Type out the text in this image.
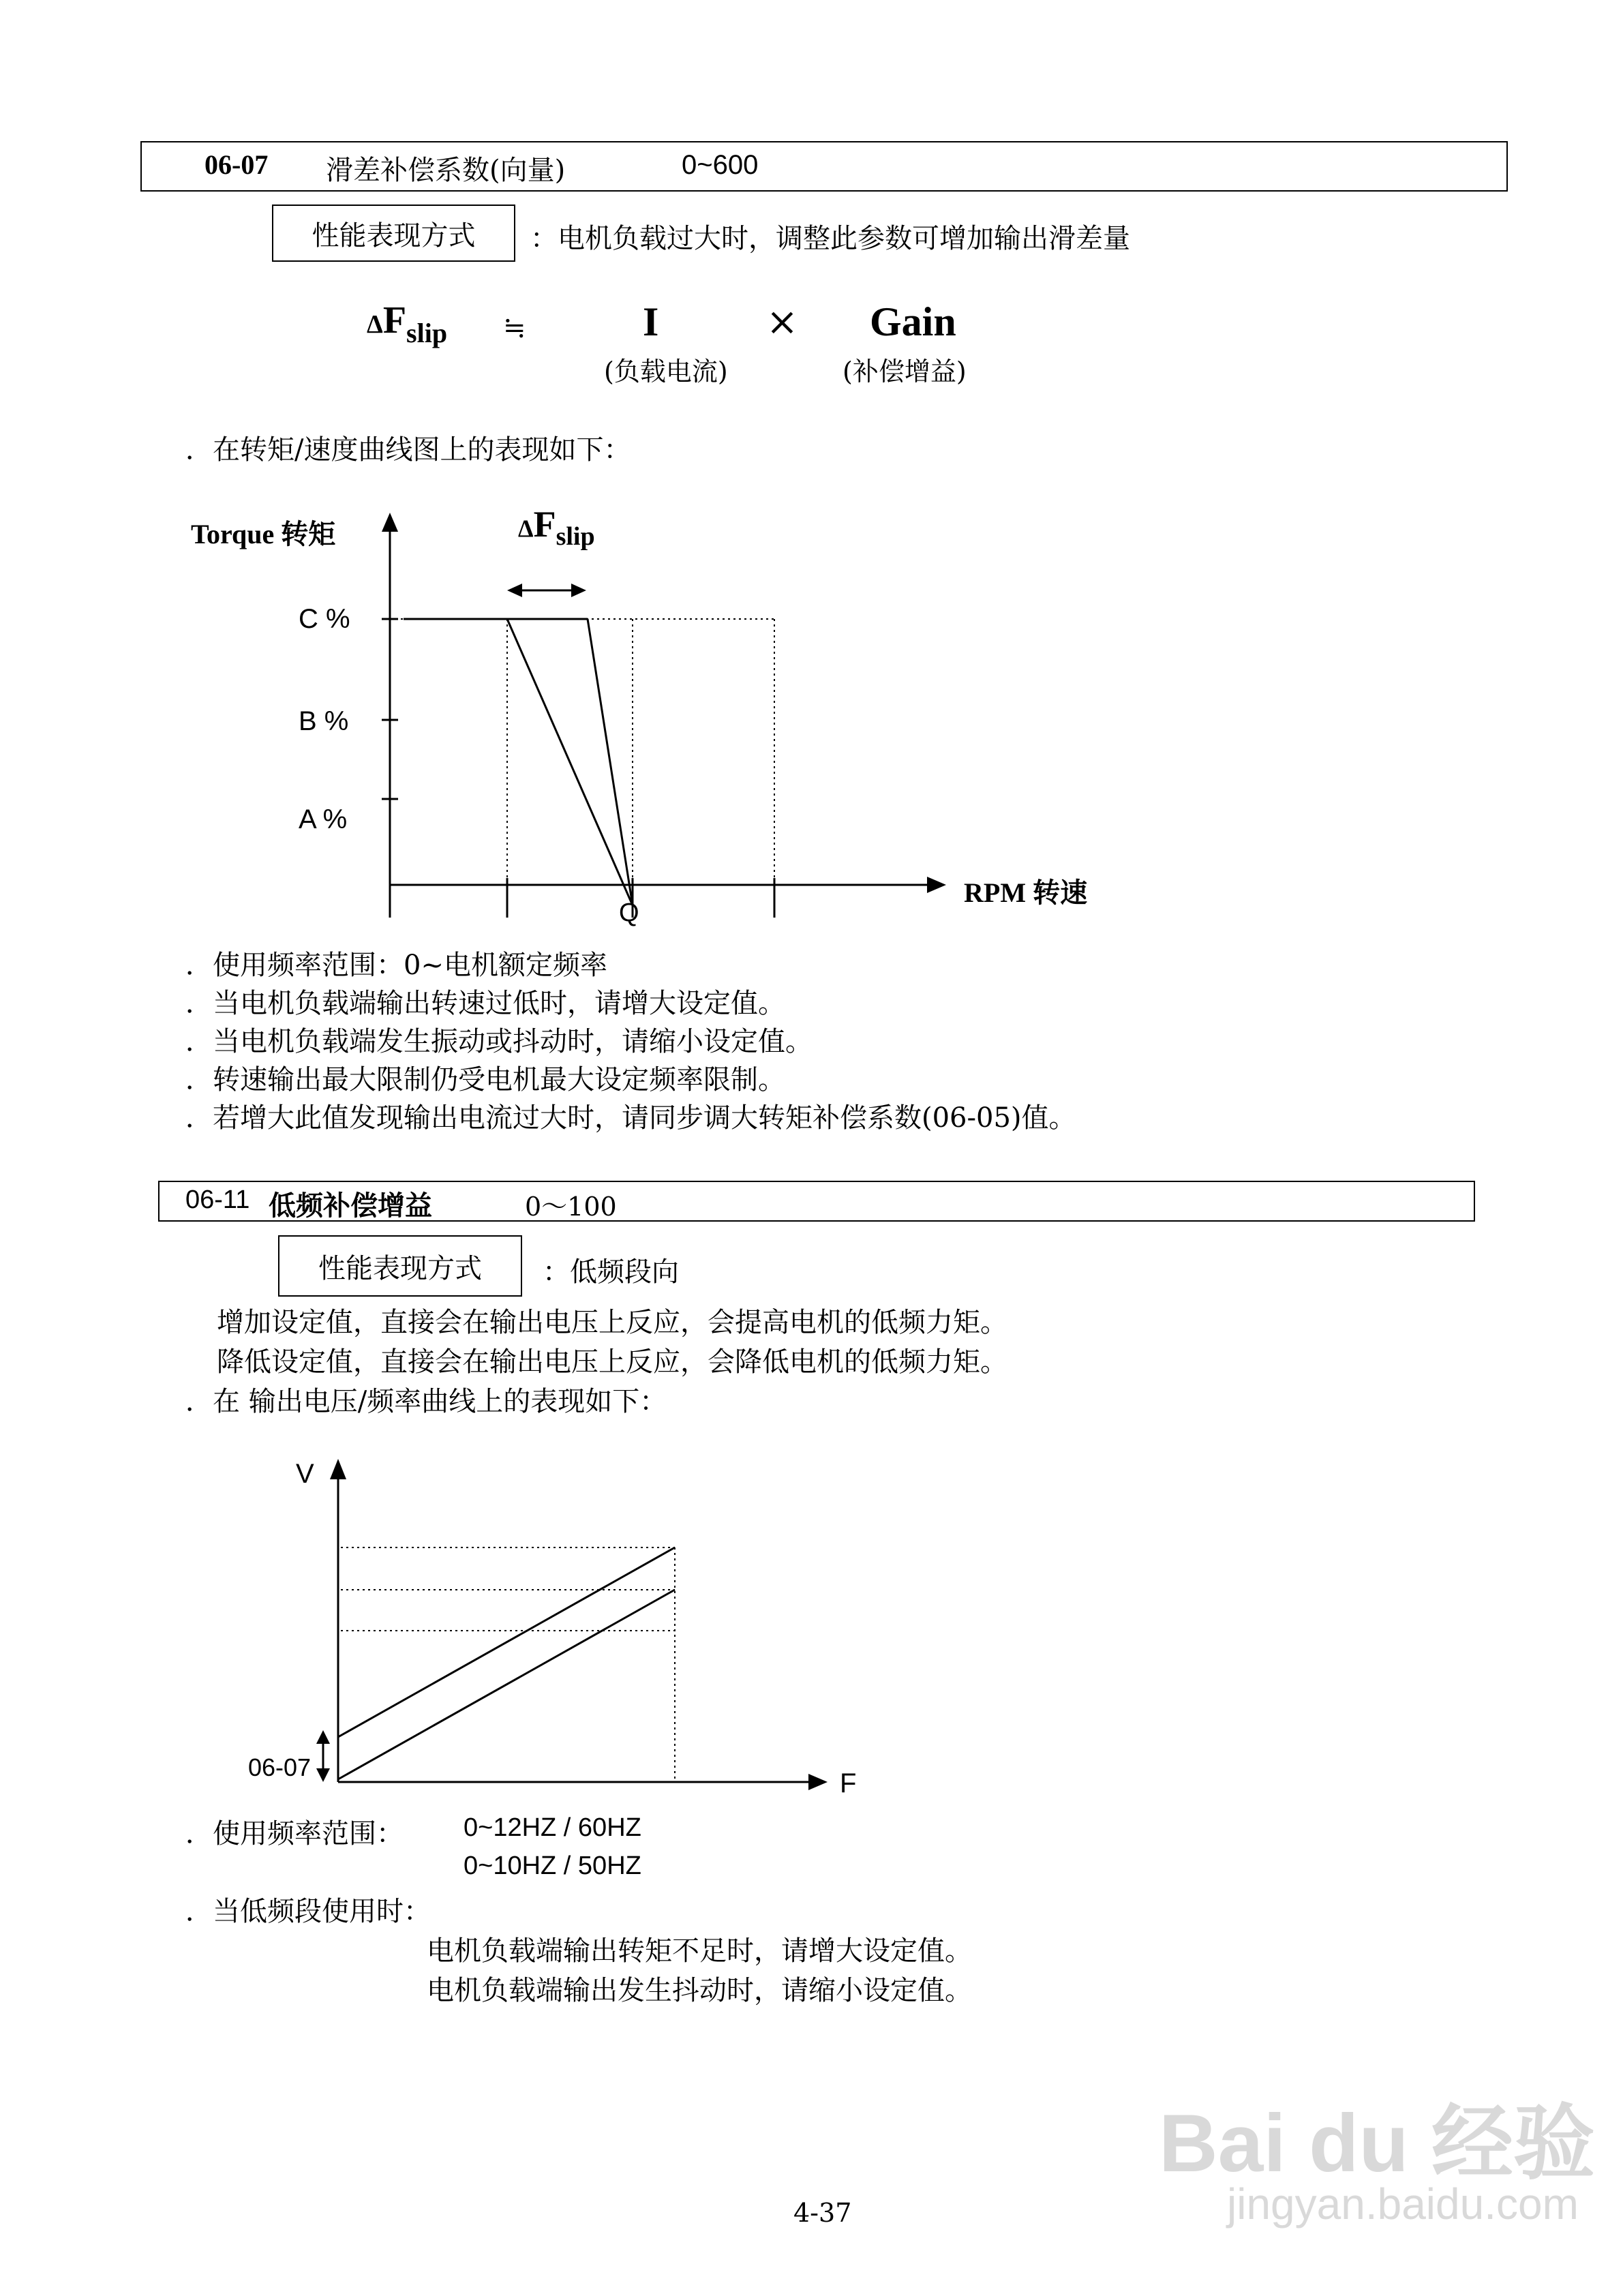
06-07 滑差补偿系数(向量)	0~600
性能表现方式 ：电机负载过大时，调整此参数可增加输出滑差量
ΔFslip ≒	I
(负载电流)
× Gain
(补偿增益)
．在转矩/速度曲线图上的表现如下：
Torque 转矩	ΔFslip
C %
B %
A %
Q
RPM 转速
．使用频率范围：0~电机额定频率
．当电机负载端输出转速过低时，请增大设定值。
．当电机负载端发生振动或抖动时，请缩小设定值。
．转速输出最大限制仍受电机最大设定频率限制。
．若增大此值发现输出电流过大时，请同步调大转矩补偿系数(06-05)值。
06-11 低频补偿增益	0～100
性能表现方式 ：低频段向
增加设定值，直接会在输出电压上反应，会提高电机的低频力矩。
降低设定值，直接会在输出电压上反应，会降低电机的低频力矩。
．在 输出电压/频率曲线上的表现如下：
V
F
06-07
．使用频率范围： 0~12HZ / 60HZ
0~10HZ / 50HZ
．当低频段使用时：
电机负载端输出转矩不足时，请增大设定值。
电机负载端输出发生抖动时，请缩小设定值。
4-37
Bai du 经验
jingyan.baidu.com
